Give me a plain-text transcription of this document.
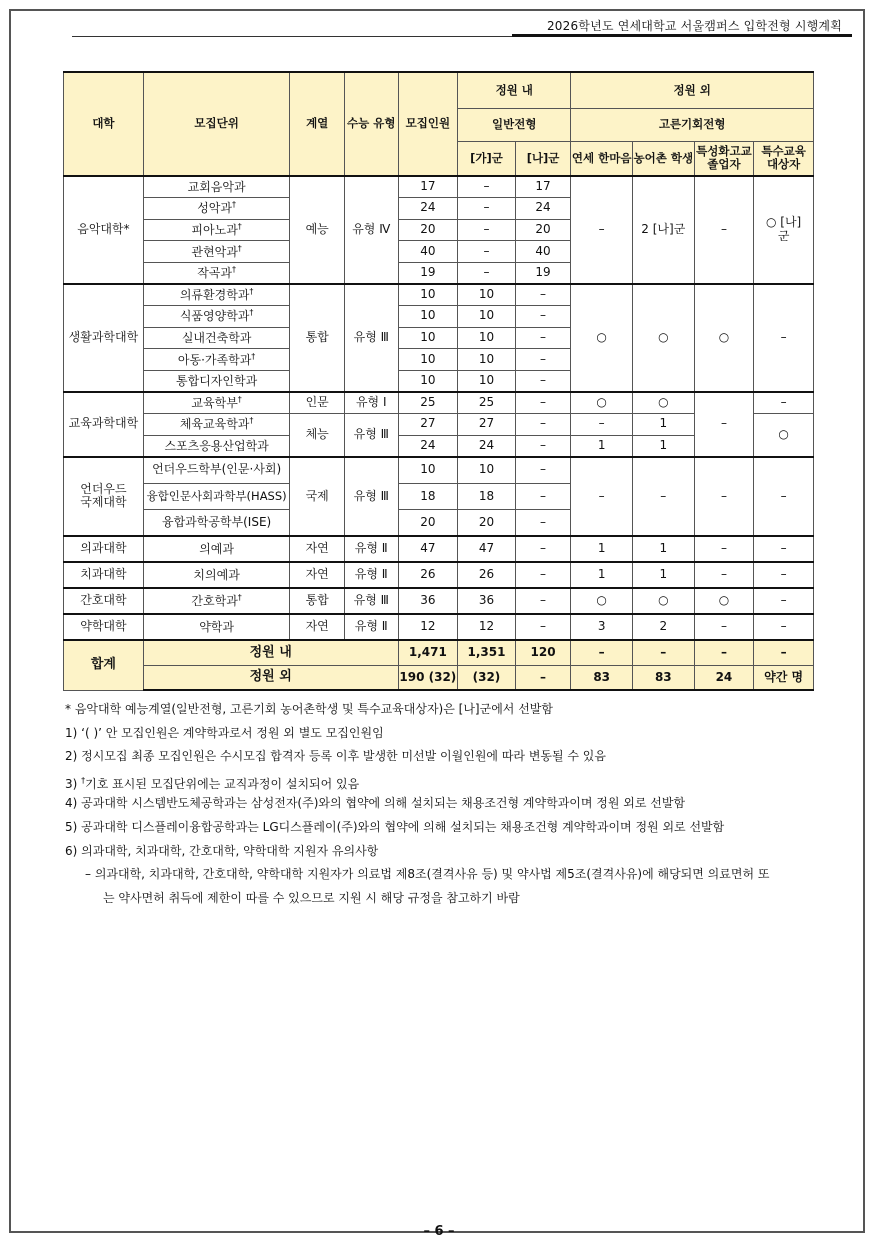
2026학년도 연세대학교 서울캠퍼스 입학전형 시행계획
대학	모집단위	계열	수능 유형	모집인원	정원 내		정원 외			
					일반전형		고른기회전형			
					[가]군	[나]군	연세 한마음	농어촌 학생	특성화고교 졸업자	특수교육 대상자
음악대학*	교회음악과	예능	유형 Ⅳ	17	–	17	–	2 [나]군	–	○ [나]군
	성악과†			24	–	24				
	피아노과†			20	–	20				
	관현악과†			40	–	40				
	작곡과†			19	–	19				
생활과학대학	의류환경학과†	통합	유형 Ⅲ	10	10	–	○	○	○	–
	식품영양학과†			10	10	–				
	실내건축학과			10	10	–				
	아동·가족학과†			10	10	–				
	통합디자인학과			10	10	–				
교육과학대학	교육학부†	인문	유형 Ⅰ	25	25	–	○	○	–	–
	체육교육학과†	체능	유형 Ⅲ	27	27	–	–	1		○
	스포츠응용산업학과			24	24	–	1	1		
언더우드 국제대학	언더우드학부(인문·사회)	국제	유형 Ⅲ	10	10	–	–	–	–	–
	융합인문사회과학부(HASS)			18	18	–				
	융합과학공학부(ISE)			20	20	–				
의과대학	의예과	자연	유형 Ⅱ	47	47	–	1	1	–	–
치과대학	치의예과	자연	유형 Ⅱ	26	26	–	1	1	–	–
간호대학	간호학과†	통합	유형 Ⅲ	36	36	–	○	○	○	–
약학대학	약학과	자연	유형 Ⅱ	12	12	–	3	2	–	–
합계	정원 내			1,471	1,351	120	–	–	–	–
	정원 외			190 (32)	(32)	–	83	83	24	약간 명
* 음악대학 예능계열(일반전형, 고른기회 농어촌학생 및 특수교육대상자)은 [나]군에서 선발함
1) ‘( )’ 안 모집인원은 계약학과로서 정원 외 별도 모집인원임
2) 정시모집 최종 모집인원은 수시모집 합격자 등록 이후 발생한 미선발 이월인원에 따라 변동될 수 있음
3) †기호 표시된 모집단위에는 교직과정이 설치되어 있음
4) 공과대학 시스템반도체공학과는 삼성전자(주)와의 협약에 의해 설치되는 채용조건형 계약학과이며 정원 외로 선발함
5) 공과대학 디스플레이융합공학과는 LG디스플레이(주)와의 협약에 의해 설치되는 채용조건형 계약학과이며 정원 외로 선발함
6) 의과대학, 치과대학, 간호대학, 약학대학 지원자 유의사항
– 의과대학, 치과대학, 간호대학, 약학대학 지원자가 의료법 제8조(결격사유 등) 및 약사법 제5조(결격사유)에 해당되면 의료면허 또
는 약사면허 취득에 제한이 따를 수 있으므로 지원 시 해당 규정을 참고하기 바람
– 6 –
